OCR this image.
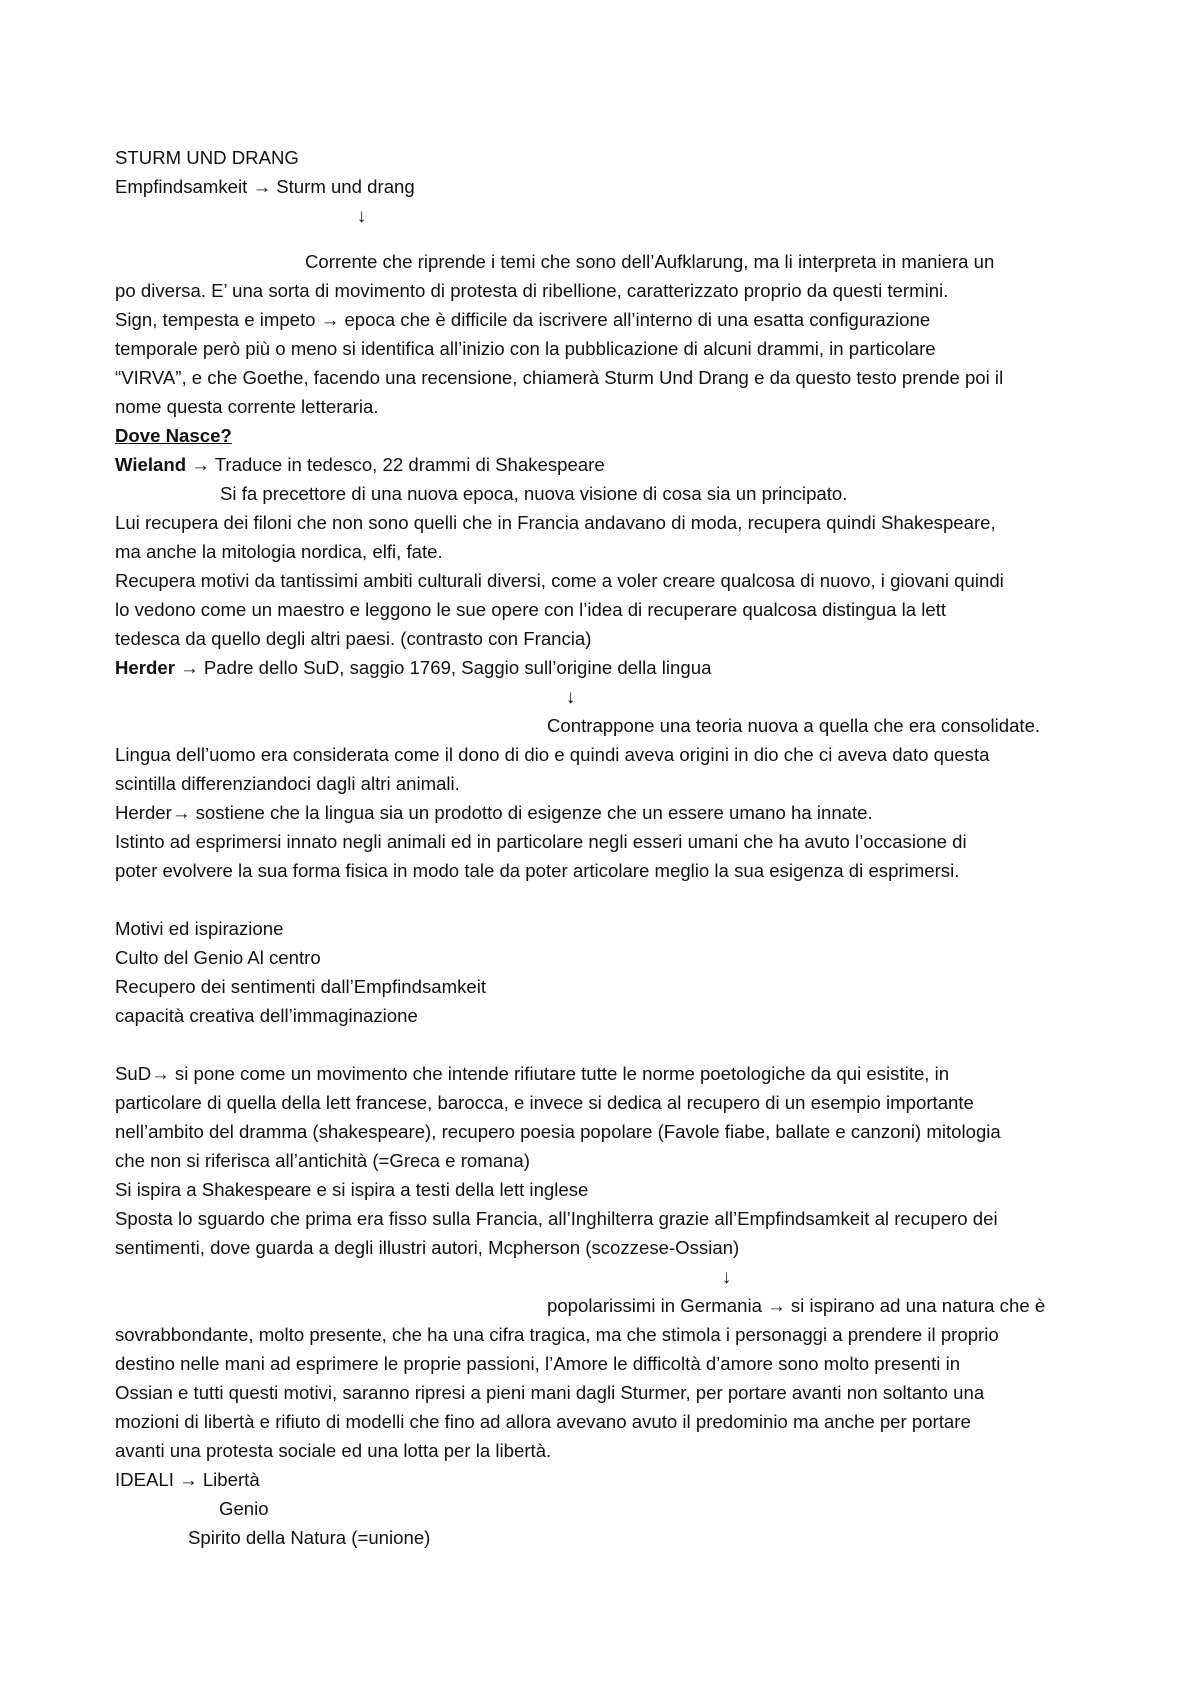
STURM UND DRANG
Empfindsamkeit → Sturm und drang
↓
Corrente che riprende i temi che sono dell’Aufklarung, ma li interpreta in maniera un
po diversa. E’ una sorta di movimento di protesta di ribellione, caratterizzato proprio da questi termini.
Sign, tempesta e impeto → epoca che è difficile da iscrivere all’interno di una esatta configurazione
temporale però più o meno si identifica all’inizio con la pubblicazione di alcuni drammi, in particolare
“VIRVA”, e che Goethe, facendo una recensione, chiamerà Sturm Und Drang e da questo testo prende poi il
nome questa corrente letteraria.
Dove Nasce?
Wieland → Traduce in tedesco, 22 drammi di Shakespeare
Si fa precettore di una nuova epoca, nuova visione di cosa sia un principato.
Lui recupera dei filoni che non sono quelli che in Francia andavano di moda, recupera quindi Shakespeare,
ma anche la mitologia nordica, elfi, fate.
Recupera motivi da tantissimi ambiti culturali diversi, come a voler creare qualcosa di nuovo, i giovani quindi
lo vedono come un maestro e leggono le sue opere con l’idea di recuperare qualcosa distingua la lett
tedesca da quello degli altri paesi. (contrasto con Francia)
Herder → Padre dello SuD, saggio 1769, Saggio sull’origine della lingua
↓
Contrappone una teoria nuova a quella che era consolidate.
Lingua dell’uomo era considerata come il dono di dio e quindi aveva origini in dio che ci aveva dato questa
scintilla differenziandoci dagli altri animali.
Herder→ sostiene che la lingua sia un prodotto di esigenze che un essere umano ha innate.
Istinto ad esprimersi innato negli animali ed in particolare negli esseri umani che ha avuto l’occasione di
poter evolvere la sua forma fisica in modo tale da poter articolare meglio la sua esigenza di esprimersi.
Motivi ed ispirazione
Culto del Genio Al centro
Recupero dei sentimenti dall’Empfindsamkeit
capacità creativa dell’immaginazione
SuD→ si pone come un movimento che intende rifiutare tutte le norme poetologiche da qui esistite, in
particolare di quella della lett francese, barocca, e invece si dedica al recupero di un esempio importante
nell’ambito del dramma (shakespeare), recupero poesia popolare (Favole fiabe, ballate e canzoni) mitologia
che non si riferisca all’antichità (=Greca e romana)
Si ispira a Shakespeare e si ispira a testi della lett inglese
Sposta lo sguardo che prima era fisso sulla Francia, all’Inghilterra grazie all’Empfindsamkeit al recupero dei
sentimenti, dove guarda a degli illustri autori, Mcpherson (scozzese-Ossian)
↓
popolarissimi in Germania → si ispirano ad una natura che è
sovrabbondante, molto presente, che ha una cifra tragica, ma che stimola i personaggi a prendere il proprio
destino nelle mani ad esprimere le proprie passioni, l’Amore le difficoltà d’amore sono molto presenti in
Ossian e tutti questi motivi, saranno ripresi a pieni mani dagli Sturmer, per portare avanti non soltanto una
mozioni di libertà e rifiuto di modelli che fino ad allora avevano avuto il predominio ma anche per portare
avanti una protesta sociale ed una lotta per la libertà.
IDEALI → Libertà
Genio
Spirito della Natura (=unione)
